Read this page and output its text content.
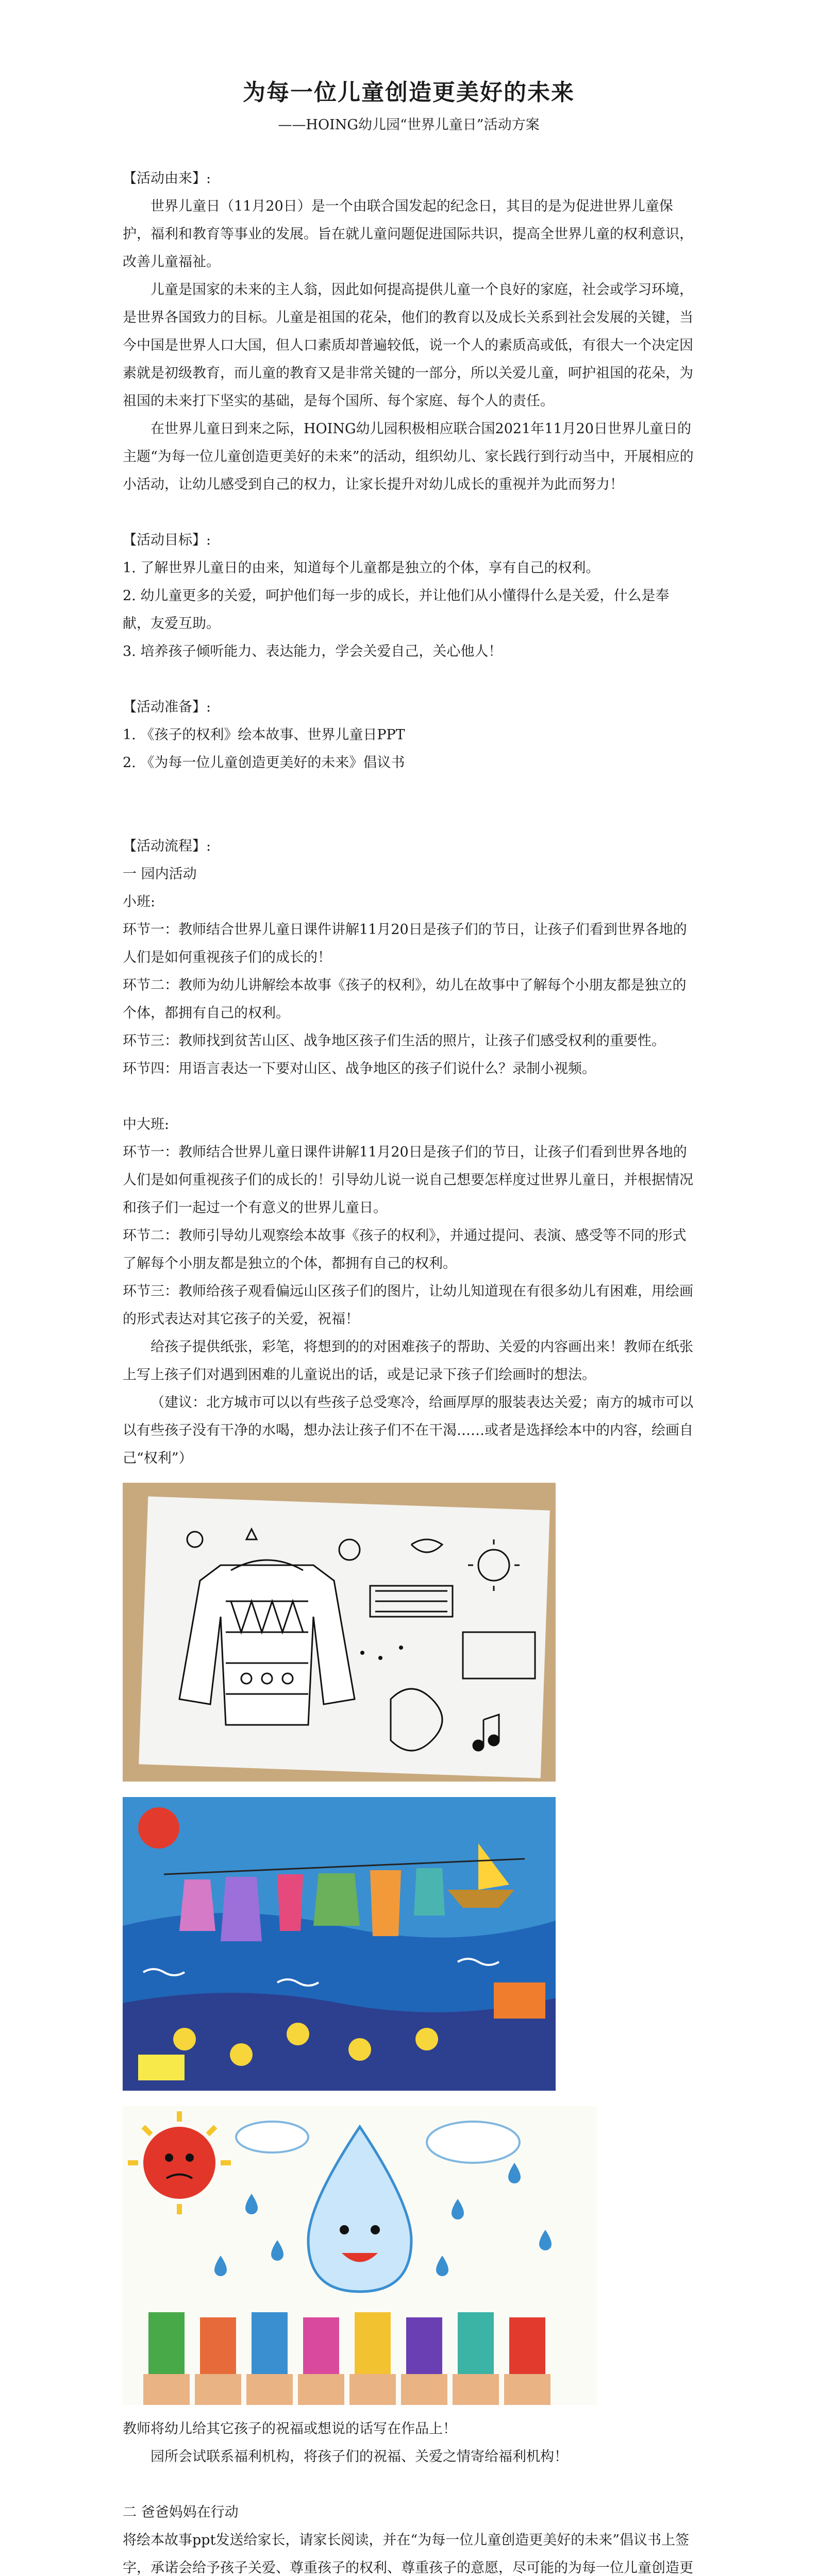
为每一位儿童创造更美好的未来
——HOING幼儿园“世界儿童日”活动方案

【活动由来】:

世界儿童日（11月20日）是一个由联合国发起的纪念日，其目的是为促进世界儿童保护，福利和教育等事业的发展。旨在就儿童问题促进国际共识，提高全世界儿童的权利意识，改善儿童福祉。

儿童是国家的未来的主人翁，因此如何提高提供儿童一个良好的家庭，社会或学习环境，是世界各国致力的目标。儿童是祖国的花朵，他们的教育以及成长关系到社会发展的关键，当今中国是世界人口大国，但人口素质却普遍较低，说一个人的素质高或低，有很大一个决定因素就是初级教育，而儿童的教育又是非常关键的一部分，所以关爱儿童，呵护祖国的花朵，为祖国的未来打下坚实的基础，是每个国所、每个家庭、每个人的责任。

在世界儿童日到来之际，HOING幼儿园积极相应联合国2021年11月20日世界儿童日的主题“为每一位儿童创造更美好的未来”的活动，组织幼儿、家长践行到行动当中，开展相应的小活动，让幼儿感受到自己的权力，让家长提升对幼儿成长的重视并为此而努力！

【活动目标】:

1. 了解世界儿童日的由来，知道每个儿童都是独立的个体，享有自己的权利。

2. 幼儿童更多的关爱，呵护他们每一步的成长，并让他们从小懂得什么是关爱，什么是奉献，友爱互助。

3. 培养孩子倾听能力、表达能力，学会关爱自己，关心他人！

【活动准备】:

1. 《孩子的权利》绘本故事、世界儿童日PPT

2. 《为每一位儿童创造更美好的未来》倡议书

【活动流程】:

一 园内活动

小班:

环节一：教师结合世界儿童日课件讲解11月20日是孩子们的节日，让孩子们看到世界各地的人们是如何重视孩子们的成长的！

环节二：教师为幼儿讲解绘本故事《孩子的权利》，幼儿在故事中了解每个小朋友都是独立的个体，都拥有自己的权利。

环节三：教师找到贫苦山区、战争地区孩子们生活的照片，让孩子们感受权利的重要性。

环节四：用语言表达一下要对山区、战争地区的孩子们说什么？录制小视频。

中大班:

环节一：教师结合世界儿童日课件讲解11月20日是孩子们的节日，让孩子们看到世界各地的人们是如何重视孩子们的成长的！引导幼儿说一说自己想要怎样度过世界儿童日，并根据情况和孩子们一起过一个有意义的世界儿童日。

环节二：教师引导幼儿观察绘本故事《孩子的权利》，并通过提问、表演、感受等不同的形式了解每个小朋友都是独立的个体，都拥有自己的权利。

环节三：教师给孩子观看偏远山区孩子们的图片，让幼儿知道现在有很多幼儿有困难，用绘画的形式表达对其它孩子的关爱，祝福！

给孩子提供纸张，彩笔，将想到的的对困难孩子的帮助、关爱的内容画出来！教师在纸张上写上孩子们对遇到困难的儿童说出的话，或是记录下孩子们绘画时的想法。

（建议：北方城市可以以有些孩子总受寒冷，给画厚厚的服装表达关爱；南方的城市可以以有些孩子没有干净的水喝，想办法让孩子们不在干渴……或者是选择绘本中的内容，绘画自己“权利”）

教师将幼儿给其它孩子的祝福或想说的话写在作品上！

园所会试联系福利机构，将孩子们的祝福、关爱之情寄给福利机构！

二 爸爸妈妈在行动

将绘本故事ppt发送给家长，请家长阅读，并在“为每一位儿童创造更美好的未来”倡议书上签字，承诺会给予孩子关爱、尊重孩子的权利、尊重孩子的意愿，尽可能的为每一位儿童创造更
